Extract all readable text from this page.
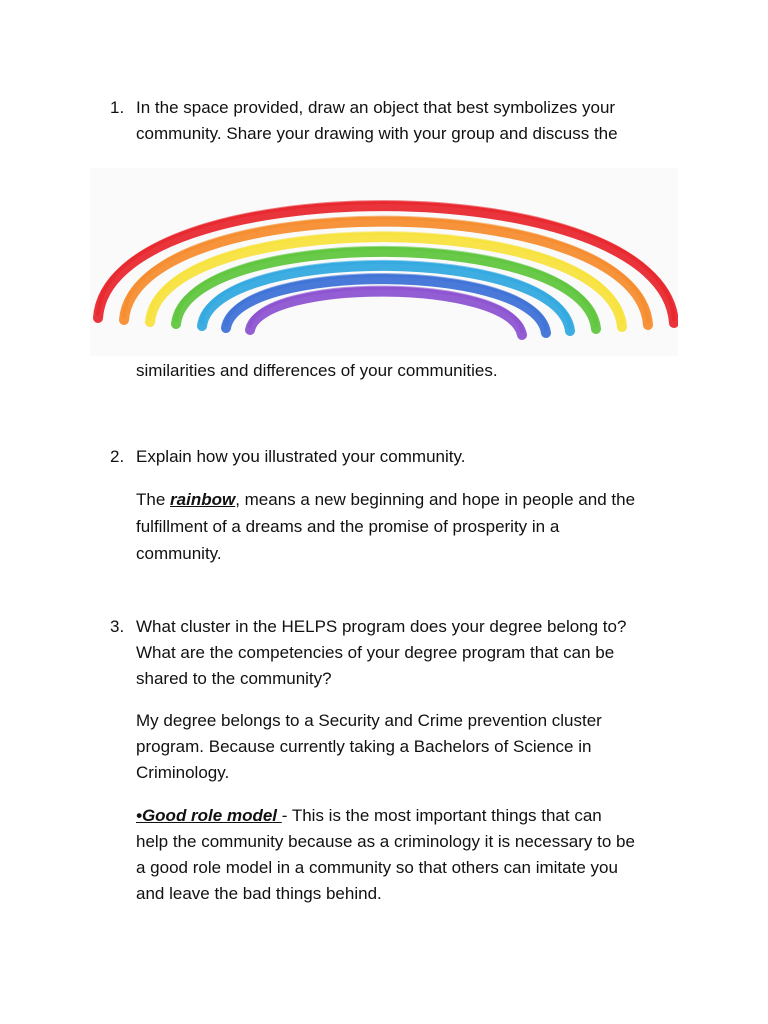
1. In the space provided, draw an object that best symbolizes your
community. Share your drawing with your group and discuss the
similarities and differences of your communities.
2. Explain how you illustrated your community.
The rainbow, means a new beginning and hope in people and the
fulfillment of a dreams and the promise of prosperity in a
community.
3. What cluster in the HELPS program does your degree belong to?
What are the competencies of your degree program that can be
shared to the community?
My degree belongs to a Security and Crime prevention cluster
program. Because currently taking a Bachelors of Science in
Criminology.
•Good role model - This is the most important things that can
help the community because as a criminology it is necessary to be
a good role model in a community so that others can imitate you
and leave the bad things behind.
